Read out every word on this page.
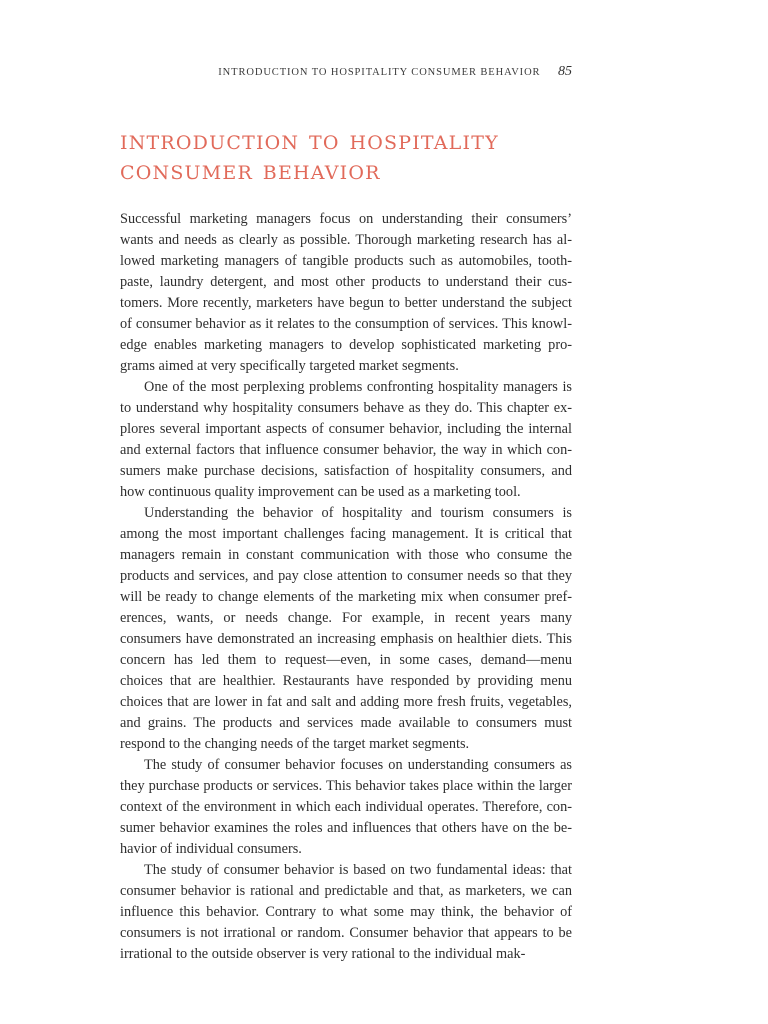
INTRODUCTION TO HOSPITALITY CONSUMER BEHAVIOR 85
introduction to hospitality
consumer behavior

Successful marketing managers focus on understanding their consumers’ wants and needs as clearly as possible. Thorough marketing research has allowed marketing managers of tangible products such as automobiles, toothpaste, laundry detergent, and most other products to understand their customers. More recently, marketers have begun to better understand the subject of consumer behavior as it relates to the consumption of services. This knowledge enables marketing managers to develop sophisticated marketing programs aimed at very specifically targeted market segments.

One of the most perplexing problems confronting hospitality managers is to understand why hospitality consumers behave as they do. This chapter explores several important aspects of consumer behavior, including the internal and external factors that influence consumer behavior, the way in which consumers make purchase decisions, satisfaction of hospitality consumers, and how continuous quality improvement can be used as a marketing tool.

Understanding the behavior of hospitality and tourism consumers is among the most important challenges facing management. It is critical that managers remain in constant communication with those who consume the products and services, and pay close attention to consumer needs so that they will be ready to change elements of the marketing mix when consumer preferences, wants, or needs change. For example, in recent years many consumers have demonstrated an increasing emphasis on healthier diets. This concern has led them to request—even, in some cases, demand—menu choices that are healthier. Restaurants have responded by providing menu choices that are lower in fat and salt and adding more fresh fruits, vegetables, and grains. The products and services made available to consumers must respond to the changing needs of the target market segments.

The study of consumer behavior focuses on understanding consumers as they purchase products or services. This behavior takes place within the larger context of the environment in which each individual operates. Therefore, consumer behavior examines the roles and influences that others have on the behavior of individual consumers.

The study of consumer behavior is based on two fundamental ideas: that consumer behavior is rational and predictable and that, as marketers, we can influence this behavior. Contrary to what some may think, the behavior of consumers is not irrational or random. Consumer behavior that appears to be irrational to the outside observer is very rational to the individual mak-
